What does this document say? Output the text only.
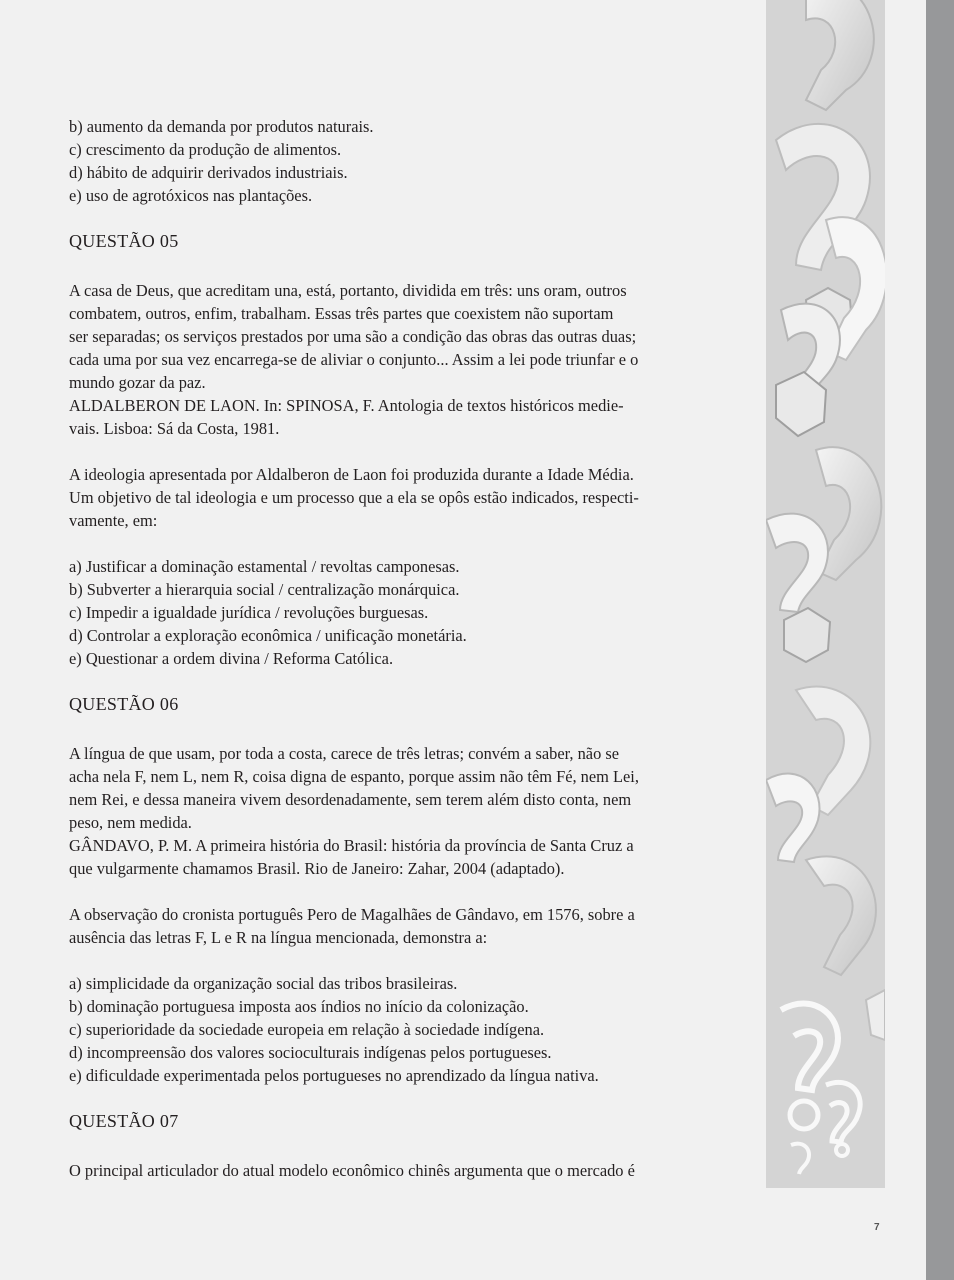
b) aumento da demanda por produtos naturais.

c) crescimento da produção de alimentos.

d) hábito de adquirir derivados industriais.

e) uso de agrotóxicos nas plantações.

QUESTÃO 05

A casa de Deus, que acreditam una, está, portanto, dividida em três: uns oram, outros

combatem, outros, enfim, trabalham. Essas três partes que coexistem não suportam

ser separadas; os serviços prestados por uma são a condição das obras das outras duas;

cada uma por sua vez encarrega-se de aliviar o conjunto... Assim a lei pode triunfar e o

mundo gozar da paz.

ALDALBERON DE LAON. In: SPINOSA, F. Antologia de textos históricos medie-

vais. Lisboa: Sá da Costa, 1981.

A ideologia apresentada por Aldalberon de Laon foi produzida durante a Idade Média.

Um objetivo de tal ideologia e um processo que a ela se opôs estão indicados, respecti-

vamente, em:

a) Justificar a dominação estamental / revoltas camponesas.

b) Subverter a hierarquia social / centralização monárquica.

c) Impedir a igualdade jurídica / revoluções burguesas.

d) Controlar a exploração econômica / unificação monetária.

e) Questionar a ordem divina / Reforma Católica.

QUESTÃO 06

A língua de que usam, por toda a costa, carece de três letras; convém a saber, não se

acha nela F, nem L, nem R, coisa digna de espanto, porque assim não têm Fé, nem Lei,

nem Rei, e dessa maneira vivem desordenadamente, sem terem além disto conta, nem

peso, nem medida.

GÂNDAVO, P. M. A primeira história do Brasil: história da província de Santa Cruz a

que vulgarmente chamamos Brasil. Rio de Janeiro: Zahar, 2004 (adaptado).

A observação do cronista português Pero de Magalhães de Gândavo, em 1576, sobre a

ausência das letras F, L e R na língua mencionada, demonstra a:

a) simplicidade da organização social das tribos brasileiras.

b) dominação portuguesa imposta aos índios no início da colonização.

c) superioridade da sociedade europeia em relação à sociedade indígena.

d) incompreensão dos valores socioculturais indígenas pelos portugueses.

e) dificuldade experimentada pelos portugueses no aprendizado da língua nativa.

QUESTÃO 07

O principal articulador do atual modelo econômico chinês argumenta que o mercado é

7
